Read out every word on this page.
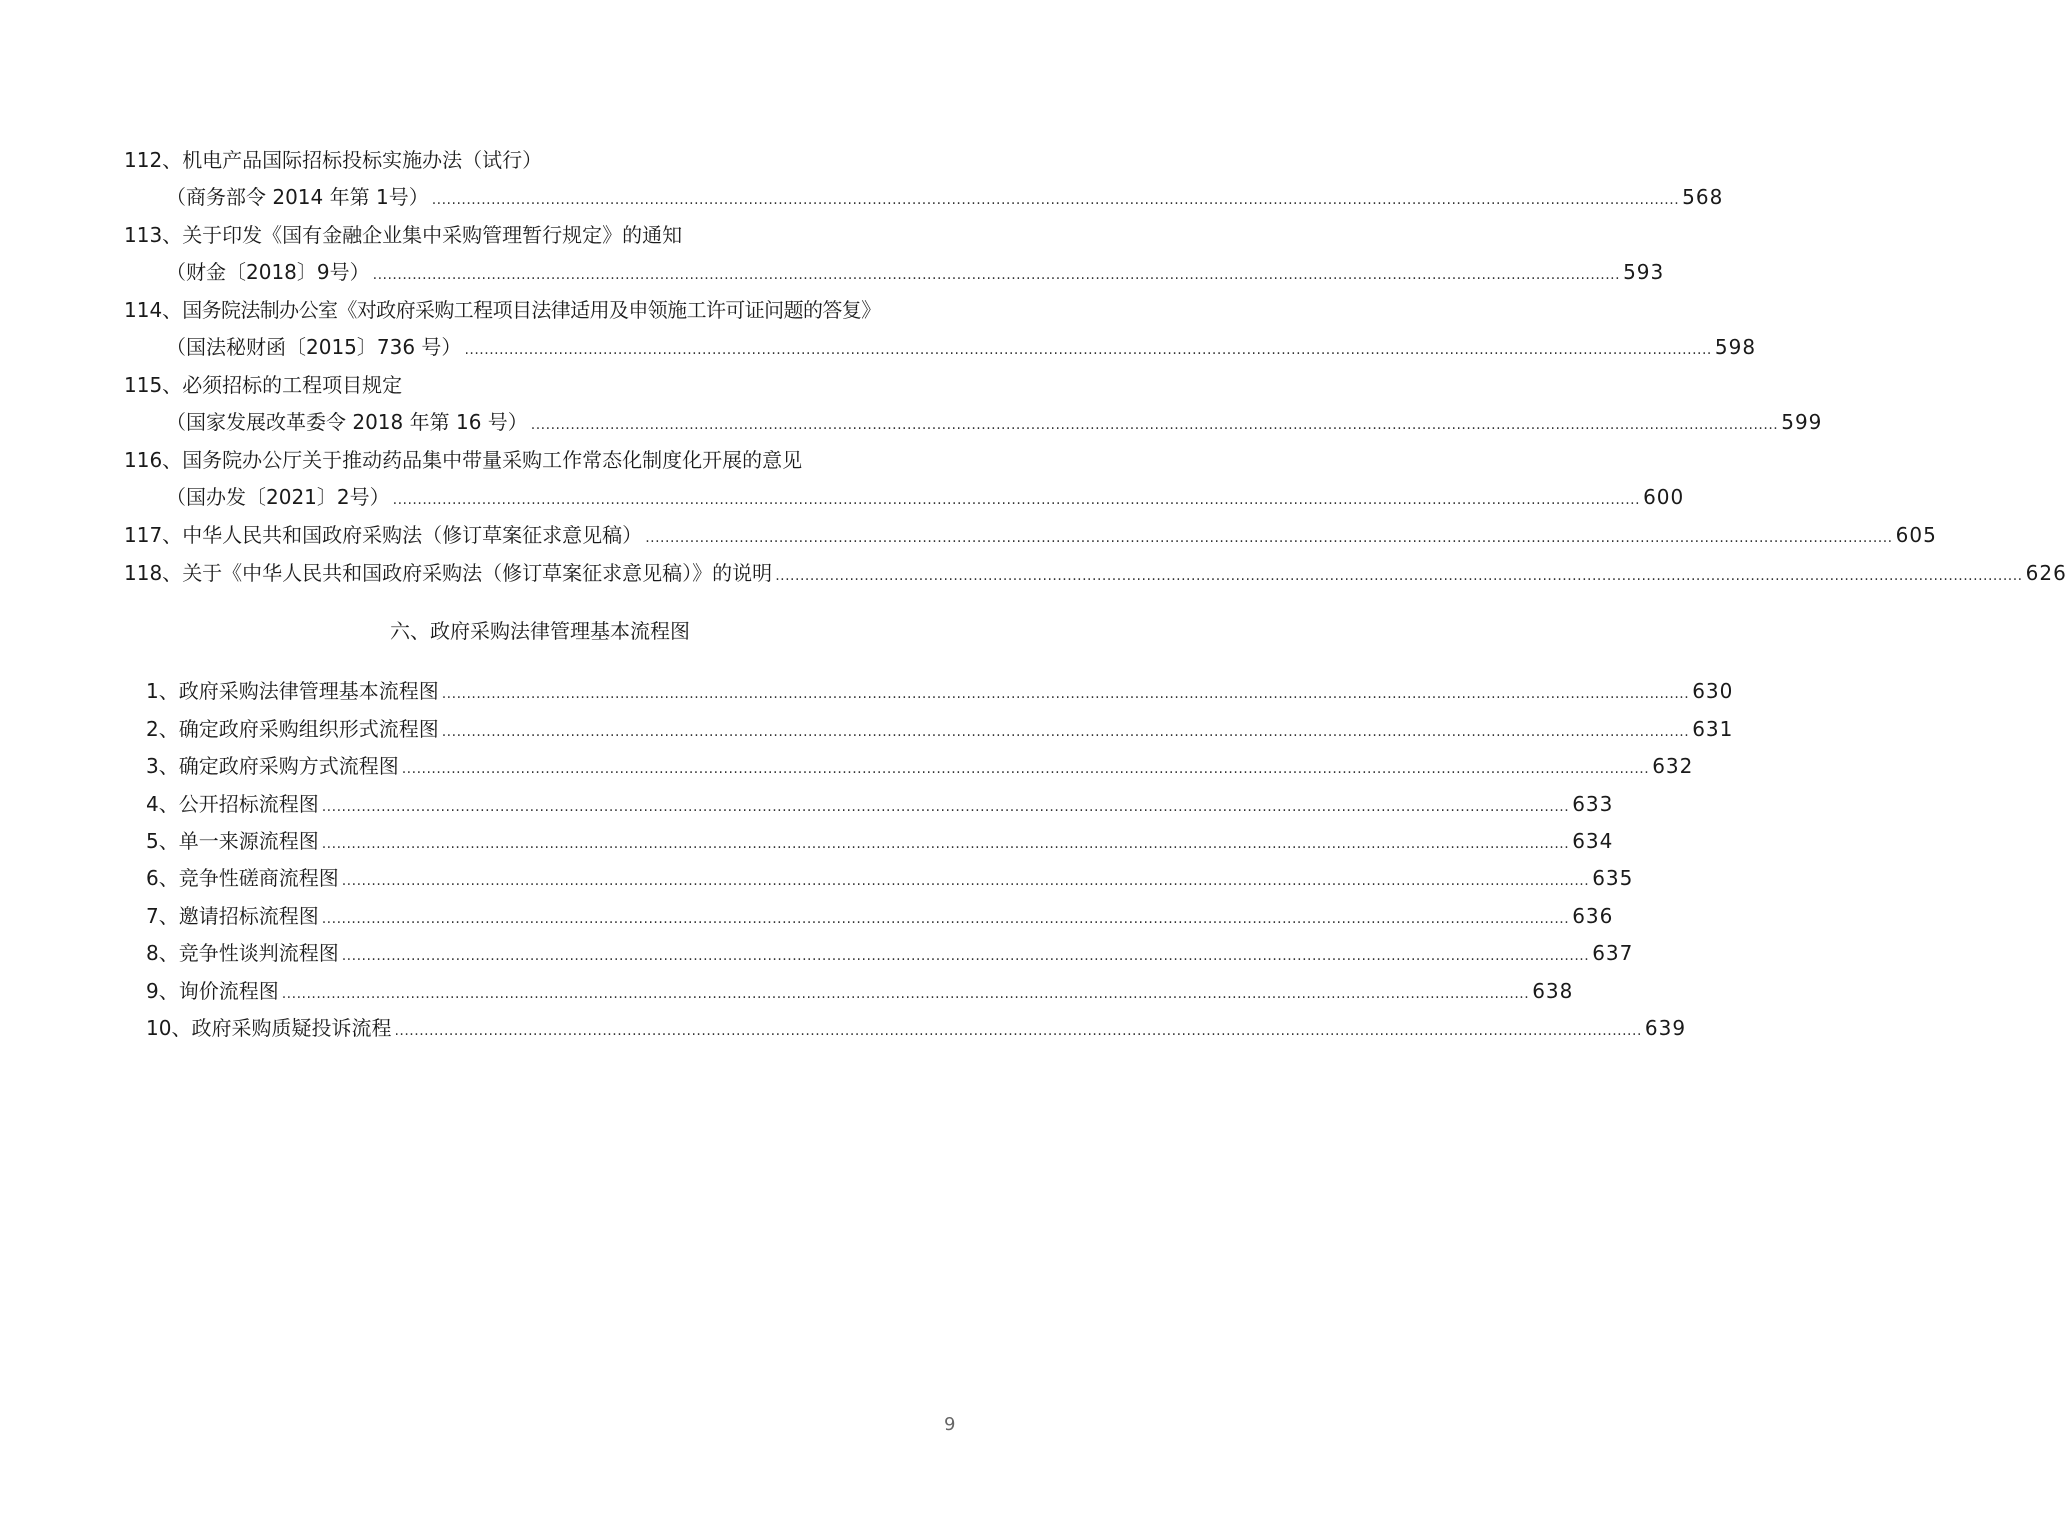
112、 机电产品国际招标投标实施办法（试行）
（商务部令 2014 年第 1号） .....	568
113、 关于印发《国有金融企业集中采购管理暂行规定》的通知
（财金〔2018〕9号） .....	593
114、 国务院法制办公室《对政府采购工程项目法律适用及申领施工许可证问题的答复》
（国法秘财函〔2015〕736 号） .....	598
115、 必须招标的工程项目规定
（国家发展改革委令 2018 年第 16 号） .....	599
116、 国务院办公厅关于推动药品集中带量采购工作常态化制度化开展的意见
（国办发〔2021〕2号） .....	600
117、 中华人民共和国政府采购法（修订草案征求意见稿） .....	605
118、 关于《中华人民共和国政府采购法（修订草案征求意见稿）》的说明 .....	626
六、政府采购法律管理基本流程图
1、 政府采购法律管理基本流程图 .....	630
2、 确定政府采购组织形式流程图 .....	631
3、 确定政府采购方式流程图 .....	632
4、 公开招标流程图 .....	633
5、 单一来源流程图 .....	634
6、 竞争性磋商流程图 .....	635
7、 邀请招标流程图 .....	636
8、 竞争性谈判流程图 .....	637
9、 询价流程图 .....	638
10、 政府采购质疑投诉流程 .....	639
9
